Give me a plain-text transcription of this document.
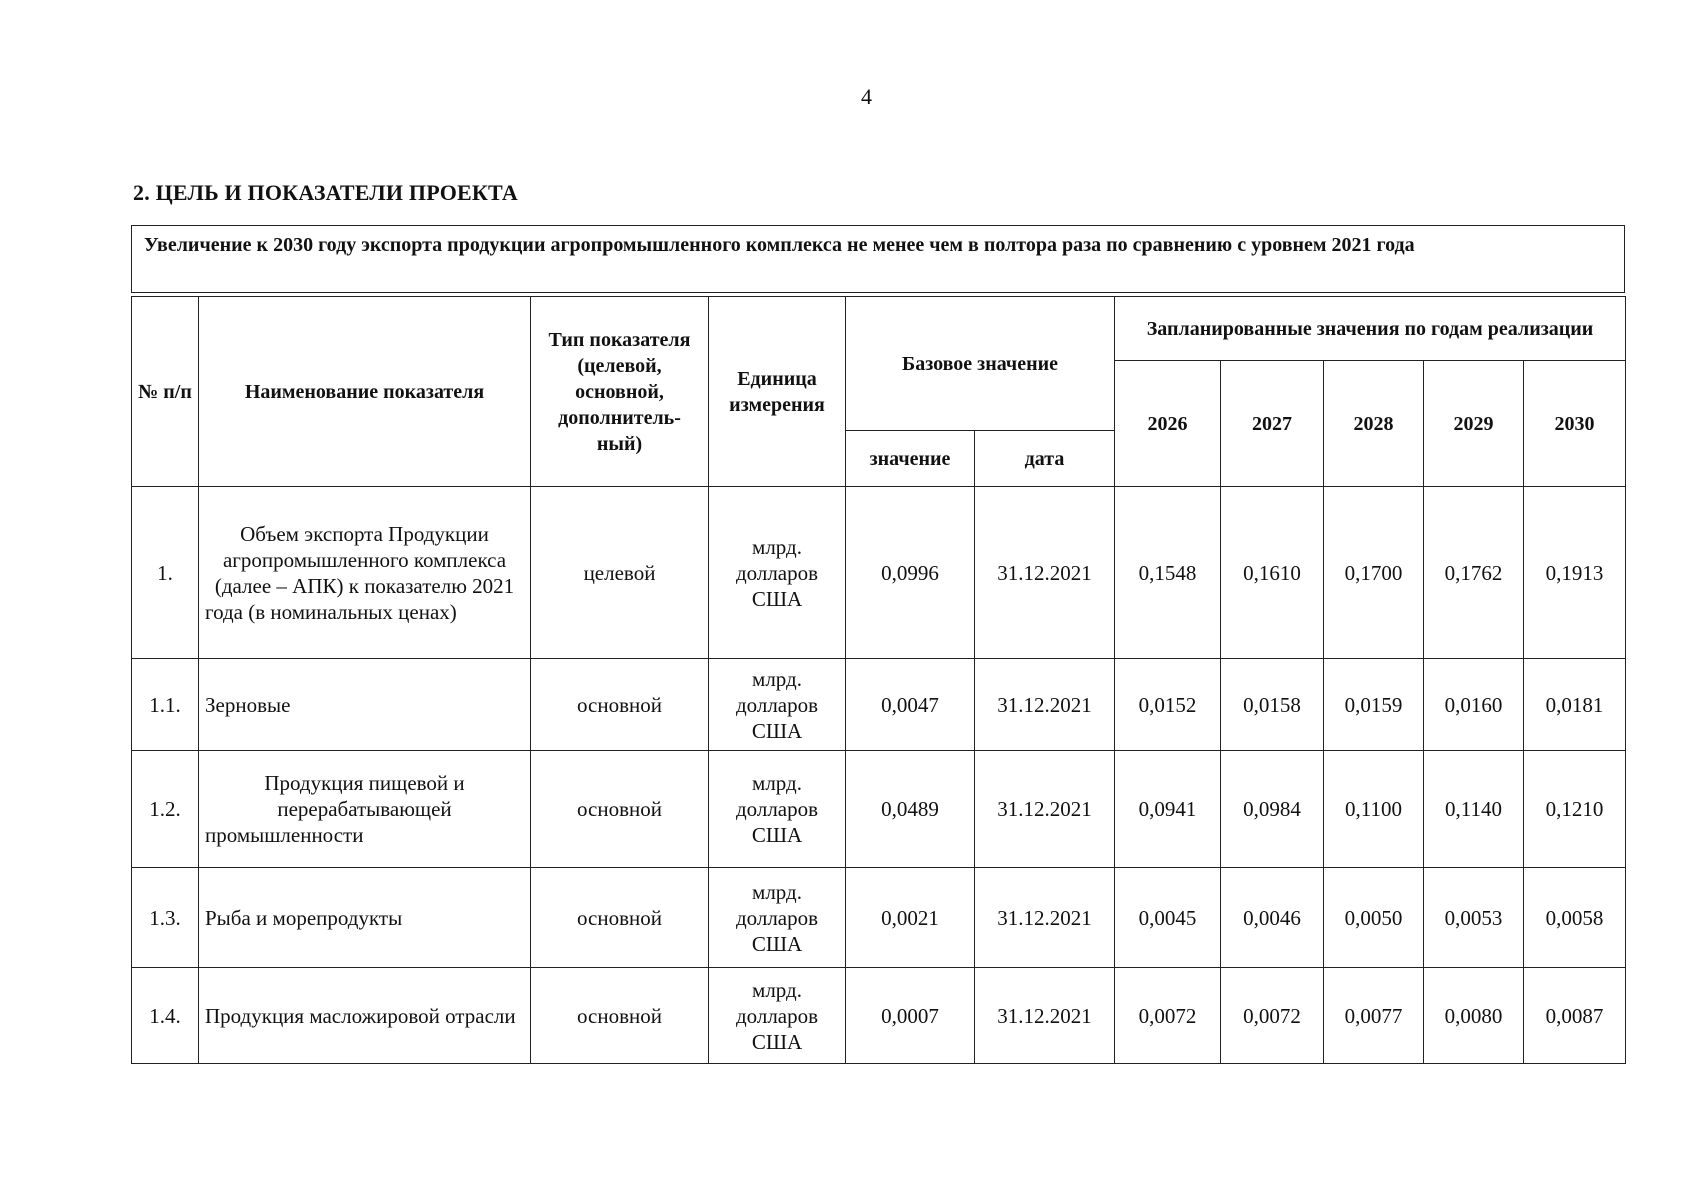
4
2. ЦЕЛЬ И ПОКАЗАТЕЛИ ПРОЕКТА
Увеличение к 2030 году экспорта продукции агропромышленного комплекса не менее чем в полтора раза по сравнению с уровнем 2021 года
№ п/п	Наименование показателя	Тип показателя (целевой, основной, дополнитель-ный)	Единица измерения	Базовое значение		Запланированные значения по годам реализации				
						2026	2027	2028	2029	2030
				значение	дата					
1.	Объем экспорта Продукции агропромышленного комплекса (далее – АПК) к показателю 2021 года (в номинальных ценах)	целевой	млрд. долларов США	0,0996	31.12.2021	0,1548	0,1610	0,1700	0,1762	0,1913
1.1.	Зерновые	основной	млрд. долларов США	0,0047	31.12.2021	0,0152	0,0158	0,0159	0,0160	0,0181
1.2.	Продукция пищевой и перерабатывающей промышленности	основной	млрд. долларов США	0,0489	31.12.2021	0,0941	0,0984	0,1100	0,1140	0,1210
1.3.	Рыба и морепродукты	основной	млрд. долларов США	0,0021	31.12.2021	0,0045	0,0046	0,0050	0,0053	0,0058
1.4.	Продукция масложировой отрасли	основной	млрд. долларов США	0,0007	31.12.2021	0,0072	0,0072	0,0077	0,0080	0,0087
